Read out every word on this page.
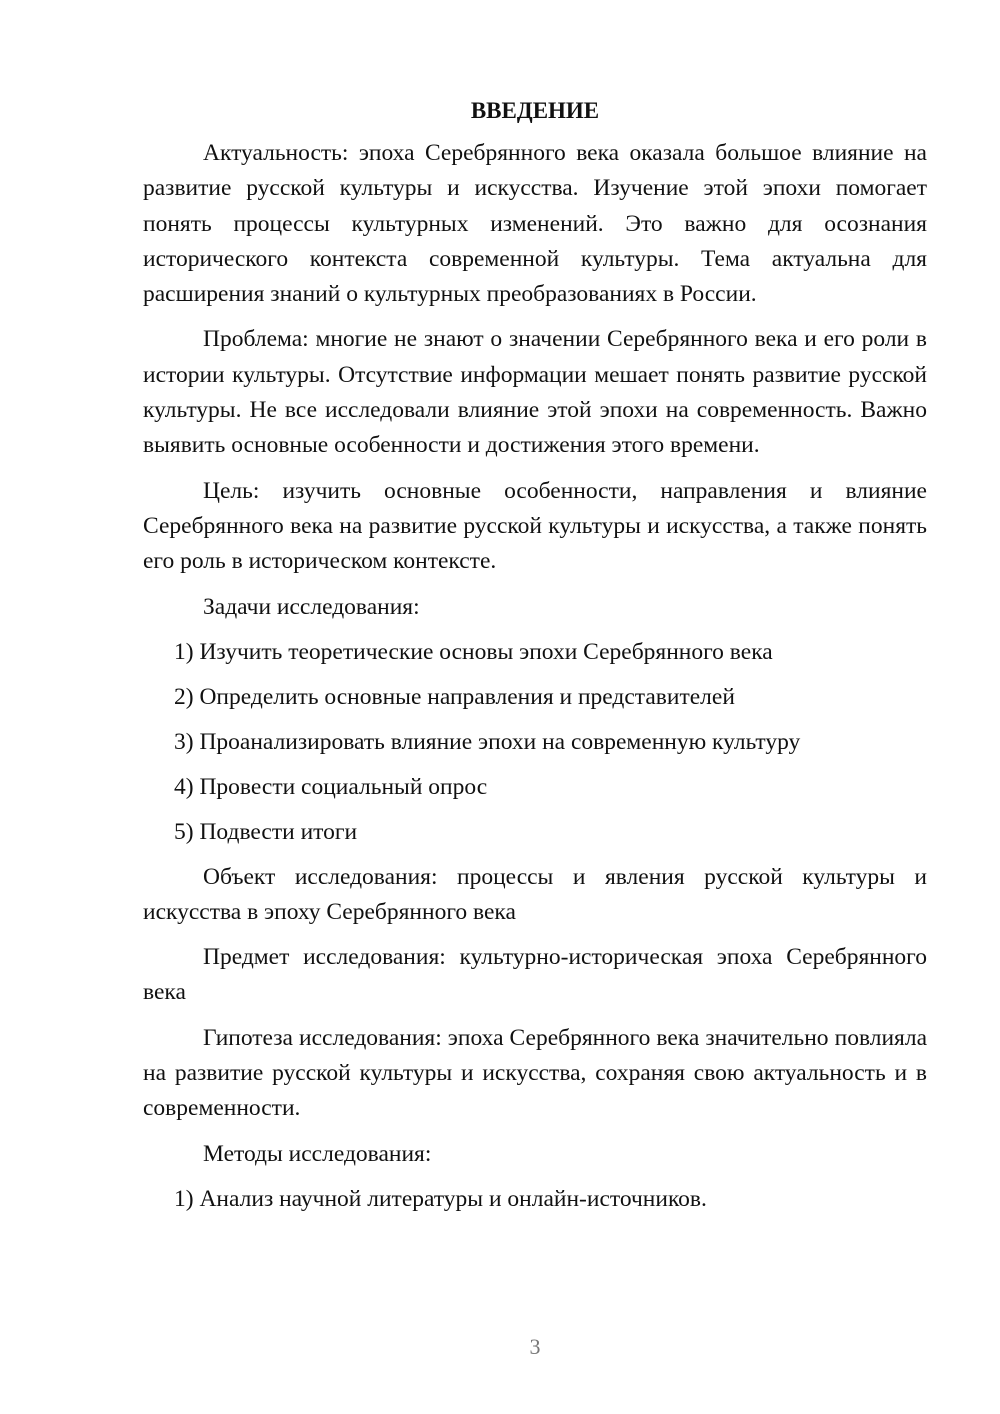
ВВЕДЕНИЕ

Актуальность: эпоха Серебрянного века оказала большое влияние на развитие русской культуры и искусства. Изучение этой эпохи помогает понять процессы культурных изменений. Это важно для осознания исторического контекста современной культуры. Тема актуальна для расширения знаний о культурных преобразованиях в России.

Проблема: многие не знают о значении Серебрянного века и его роли в истории культуры. Отсутствие информации мешает понять развитие русской культуры. Не все исследовали влияние этой эпохи на современность. Важно выявить основные особенности и достижения этого времени.

Цель: изучить основные особенности, направления и влияние Серебрянного века на развитие русской культуры и искусства, а также понять его роль в историческом контексте.

Задачи исследования:

1) Изучить теоретические основы эпохи Серебрянного века

2) Определить основные направления и представителей

3) Проанализировать влияние эпохи на современную культуру

4) Провести социальный опрос

5) Подвести итоги

Объект исследования: процессы и явления русской культуры и искусства в эпоху Серебрянного века

Предмет исследования: культурно-историческая эпоха Серебрянного века

Гипотеза исследования: эпоха Серебрянного века значительно повлияла на развитие русской культуры и искусства, сохраняя свою актуальность и в современности.

Методы исследования:

1) Анализ научной литературы и онлайн-источников.

3
